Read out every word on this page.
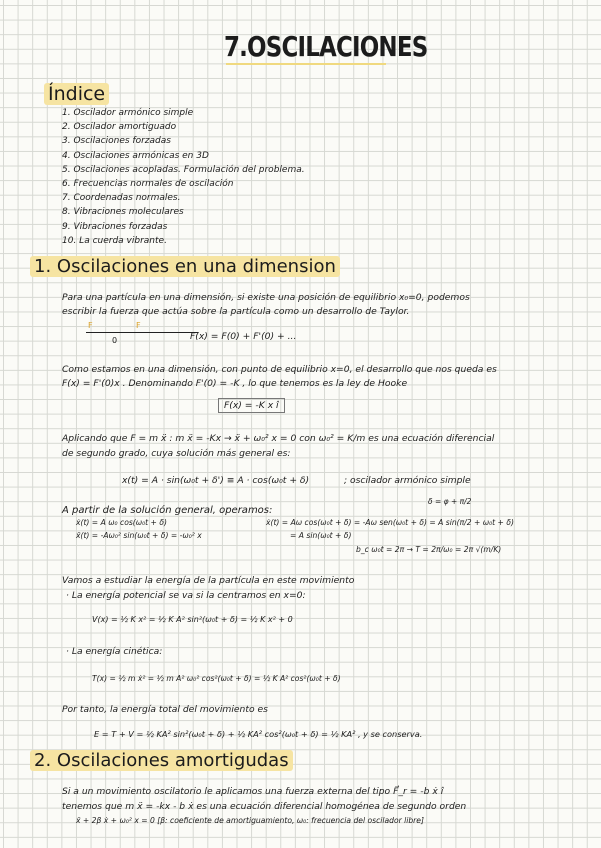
7.OSCILACIONES
Índice
1. Oscilador armónico simple
2. Oscilador amortiguado
3. Oscilaciones forzadas
4. Oscilaciones armónicas en 3D
5. Oscilaciones acopladas. Formulación del problema.
6. Frecuencias normales de oscilación
7. Coordenadas normales.
8. Vibraciones moleculares
9. Vibraciones forzadas
10. La cuerda vibrante.
1. Oscilaciones en una dimension
Para una partícula en una dimensión, si existe una posición de equilibrio x₀=0, podemos
escribir la fuerza que actúa sobre la partícula como un desarrollo de Taylor.
F	F
0	F(x) = F(0) + F'(0) + ...
Como estamos en una dimensión, con punto de equilibrio x=0, el desarrollo que nos queda es
F(x) = F'(0)x . Denominando F'(0) = -K , lo que tenemos es la ley de Hooke
F(x) = -K x î
Aplicando que F = m ẍ : m ẍ = -Kx → ẍ + ω₀² x = 0 con ω₀² = K/m es una ecuación diferencial
de segundo grado, cuya solución más general es:
x(t) = A · sin(ω₀t + δ') ≡ A · cos(ω₀t + δ)	; oscilador armónico simple
δ = φ + π/2
A partir de la solución general, operamos:
ẋ(t) = A ω₀ cos(ω₀t + δ)
ẍ(t) = -Aω₀² sin(ω₀t + δ) = -ω₀² x
ẋ(t) = Aω cos(ω₀t + δ) = -Aω sen(ω₀t + δ) = A sin(π/2 + ω₀t + δ)
= A sin(ω₀t + δ)
b_c ω₀t = 2π → T = 2π/ω₀ = 2π √(m/K)
Vamos a estudiar la energía de la partícula en este movimiento
· La energía potencial se va si la centramos en x=0:
V(x) = ½ K x² = ½ K A² sin²(ω₀t + δ) = ½ K x² + 0
· La energía cinética:
T(x) = ½ m ẋ² = ½ m A² ω₀² cos²(ω₀t + δ) = ½ K A² cos²(ω₀t + δ)
Por tanto, la energía total del movimiento es
E = T + V = ½ KA² sin²(ω₀t + δ) + ½ KA² cos²(ω₀t + δ) = ½ KA² , y se conserva.
2. Oscilaciones amortigudas
Si a un movimiento oscilatorio le aplicamos una fuerza externa del tipo F⃗_r = -b ẋ î
tenemos que m ẍ = -kx - b ẋ es una ecuación diferencial homogénea de segundo orden
ẍ + 2β ẋ + ω₀² x = 0 [β: coeficiente de amortiguamiento, ω₀: frecuencia del oscilador libre]
